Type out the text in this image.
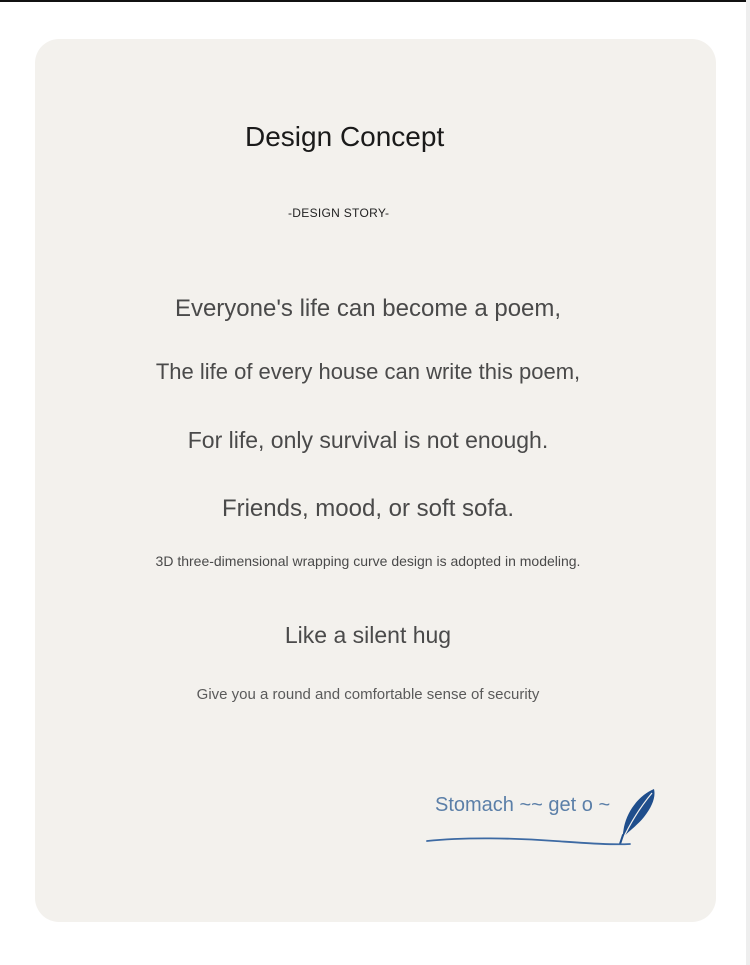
Design Concept
-DESIGN STORY-
Everyone's life can become a poem,
The life of every house can write this poem,
For life, only survival is not enough.
Friends, mood, or soft sofa.
3D three-dimensional wrapping curve design is adopted in modeling.
Like a silent hug
Give you a round and comfortable sense of security
Stomach ~~ get o ~
